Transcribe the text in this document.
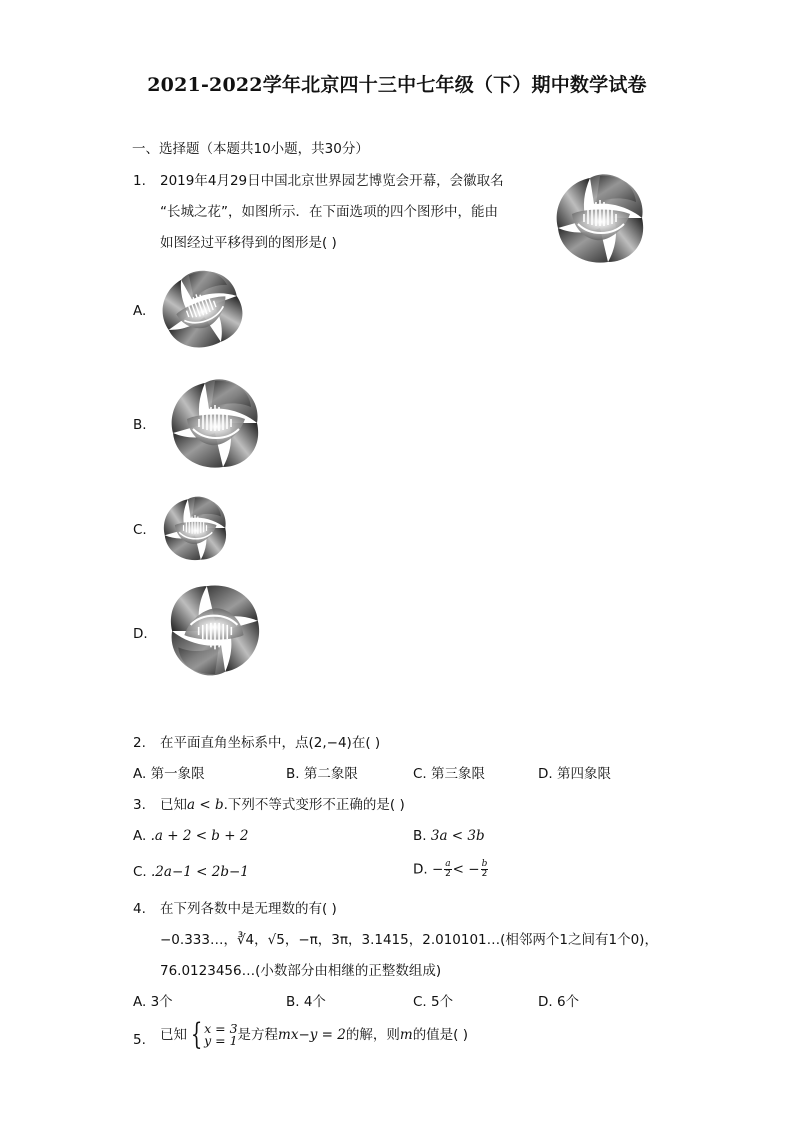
2021-2022学年北京四十三中七年级（下）期中数学试卷
一、选择题（本题共10小题，共30分）
1. 2019年4月29日中国北京世界园艺博览会开幕，会徽取名
“长城之花”，如图所示．在下面选项的四个图形中，能由
如图经过平移得到的图形是( )
A.
B.
C.
D.
2. 在平面直角坐标系中，点(2,−4)在( )
A. 第一象限	B. 第二象限	C. 第三象限	D. 第四象限
3. 已知a < b.下列不等式变形不正确的是( )
A. .a + 2 < b + 2	B. 3a < 3b
C. .2a−1 < 2b−1	D. − $\frac{a}{2}$ < − $\frac{b}{2}$
4. 在下列各数中是无理数的有( )
−0.333…，∛4，√5，−π，3π，3.1415，2.010101…(相邻两个1之间有1个0)，
76.0123456…(小数部分由相继的正整数组成)
A. 3个	B. 4个	C. 5个	D. 6个
5. 已知 { x = 3
y = 1 是方程mx−y = 2的解，则m的值是( )
